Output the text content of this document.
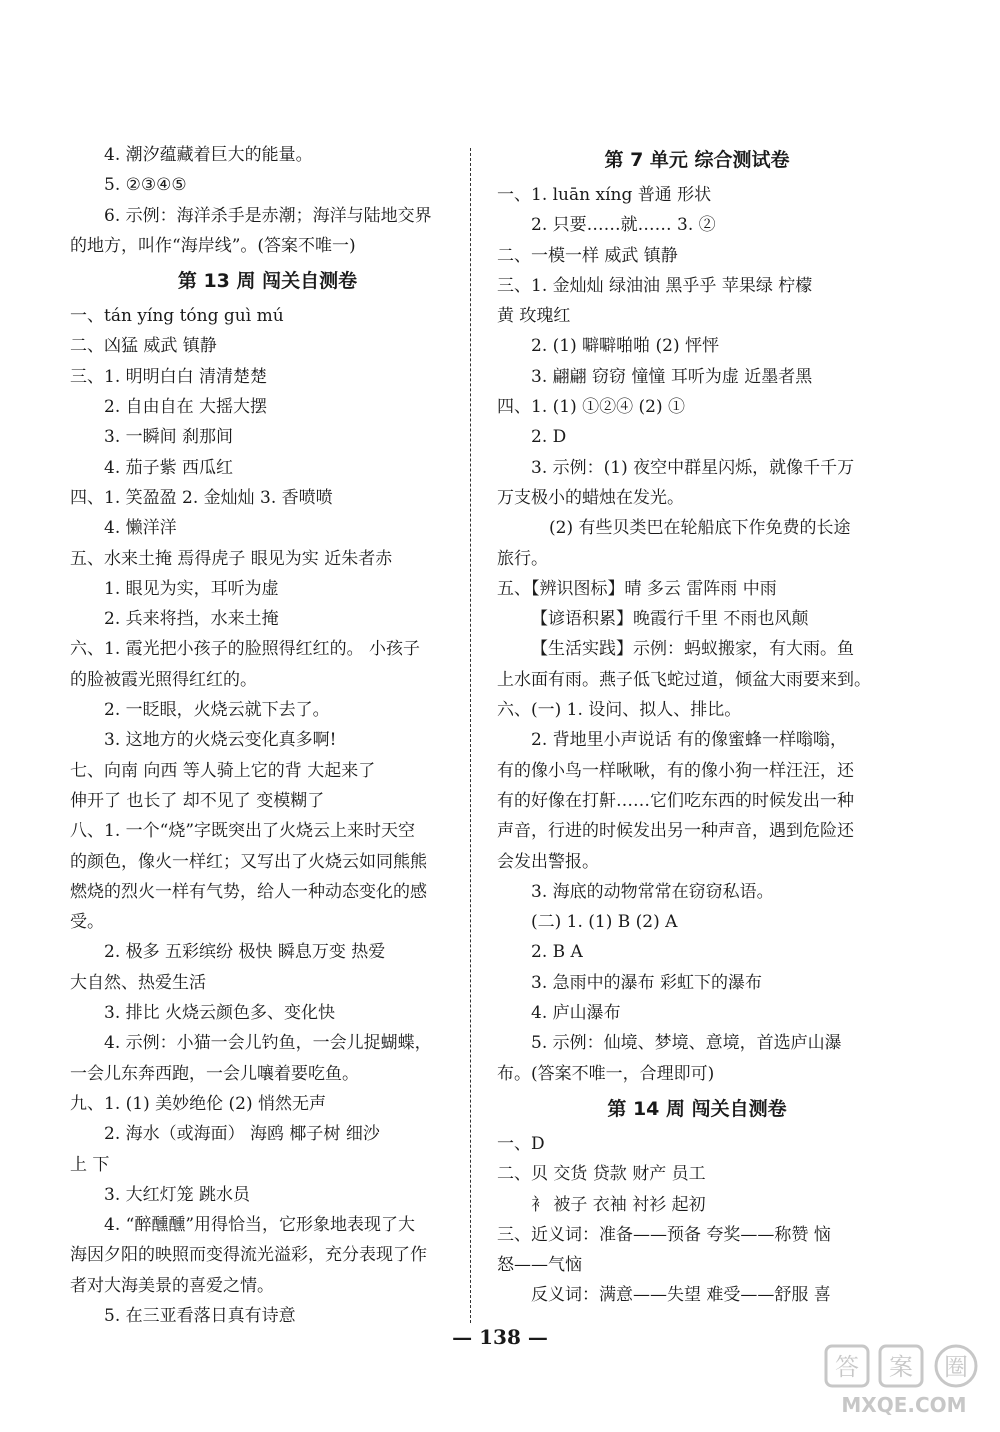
4. 潮汐蕴藏着巨大的能量。
5. ②③④⑤
6. 示例：海洋杀手是赤潮；海洋与陆地交界
的地方，叫作“海岸线”。(答案不唯一)
第 13 周 闯关自测卷
一、tán yíng tóng guì mú
二、凶猛 威武 镇静
三、1. 明明白白 清清楚楚
2. 自由自在 大摇大摆
3. 一瞬间 刹那间
4. 茄子紫 西瓜红
四、1. 笑盈盈 2. 金灿灿 3. 香喷喷
4. 懒洋洋
五、水来土掩 焉得虎子 眼见为实 近朱者赤
1. 眼见为实，耳听为虚
2. 兵来将挡，水来土掩
六、1. 霞光把小孩子的脸照得红红的。 小孩子
的脸被霞光照得红红的。
2. 一眨眼，火烧云就下去了。
3. 这地方的火烧云变化真多啊!
七、向南 向西 等人骑上它的背 大起来了
伸开了 也长了 却不见了 变模糊了
八、1. 一个“烧”字既突出了火烧云上来时天空
的颜色，像火一样红；又写出了火烧云如同熊熊
燃烧的烈火一样有气势，给人一种动态变化的感
受。
2. 极多 五彩缤纷 极快 瞬息万变 热爱
大自然、热爱生活
3. 排比 火烧云颜色多、变化快
4. 示例：小猫一会儿钓鱼，一会儿捉蝴蝶，
一会儿东奔西跑，一会儿嚷着要吃鱼。
九、1. (1) 美妙绝伦 (2) 悄然无声
2. 海水（或海面） 海鸥 椰子树 细沙
上 下
3. 大红灯笼 跳水员
4. “醉醺醺”用得恰当，它形象地表现了大
海因夕阳的映照而变得流光溢彩，充分表现了作
者对大海美景的喜爱之情。
5. 在三亚看落日真有诗意
第 7 单元 综合测试卷
一、1. luān xíng 普通 形状
2. 只要……就…… 3. ②
二、一模一样 威武 镇静
三、1. 金灿灿 绿油油 黑乎乎 苹果绿 柠檬
黄 玫瑰红
2. (1) 噼噼啪啪 (2) 怦怦
3. 翩翩 窃窃 憧憧 耳听为虚 近墨者黑
四、1. (1) ①②④ (2) ①
2. D
3. 示例：(1) 夜空中群星闪烁，就像千千万
万支极小的蜡烛在发光。
(2) 有些贝类巴在轮船底下作免费的长途
旅行。
五、【辨识图标】晴 多云 雷阵雨 中雨
【谚语积累】晚霞行千里 不雨也风颠
【生活实践】示例：蚂蚁搬家，有大雨。鱼
上水面有雨。燕子低飞蛇过道，倾盆大雨要来到。
六、(一) 1. 设问、拟人、排比。
2. 背地里小声说话 有的像蜜蜂一样嗡嗡，
有的像小鸟一样啾啾，有的像小狗一样汪汪，还
有的好像在打鼾……它们吃东西的时候发出一种
声音，行进的时候发出另一种声音，遇到危险还
会发出警报。
3. 海底的动物常常在窃窃私语。
(二) 1. (1) B (2) A
2. B A
3. 急雨中的瀑布 彩虹下的瀑布
4. 庐山瀑布
5. 示例：仙境、梦境、意境，首选庐山瀑
布。(答案不唯一，合理即可)
第 14 周 闯关自测卷
一、D
二、贝 交货 贷款 财产 员工
衤 被子 衣袖 衬衫 起初
三、近义词：准备——预备 夸奖——称赞 恼
怒——气恼
反义词：满意——失望 难受——舒服 喜
— 138 —
答 案 圈
MXQE.COM
